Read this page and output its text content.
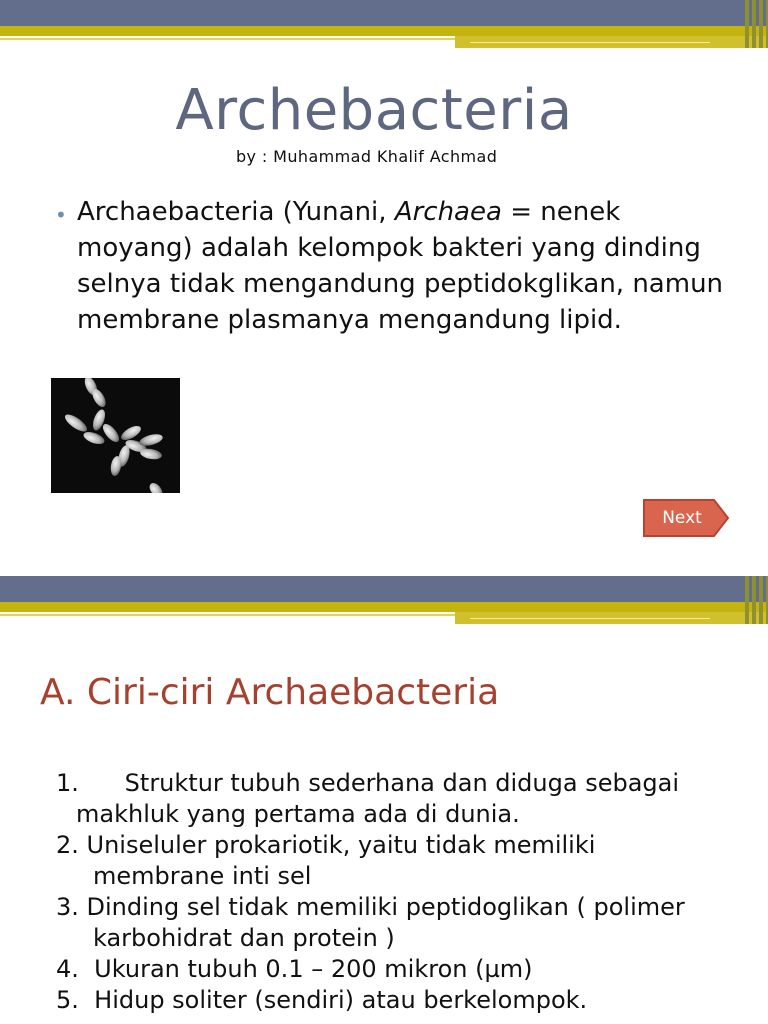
Archebacteria
by : Muhammad Khalif Achmad
• Archaebacteria (Yunani, Archaea = nenek moyang) adalah kelompok bakteri yang dinding selnya tidak mengandung peptidokglikan, namun membrane plasmanya mengandung lipid.
Next
A. Ciri-ciri Archaebacteria
1.      Struktur tubuh sederhana dan diduga sebagai
makhluk yang pertama ada di dunia.
2. Uniseluler prokariotik, yaitu tidak memiliki
membrane inti sel
3. Dinding sel tidak memiliki peptidoglikan ( polimer
karbohidrat dan protein )
4.  Ukuran tubuh 0.1 – 200 mikron (µm)
5.  Hidup soliter (sendiri) atau berkelompok.
